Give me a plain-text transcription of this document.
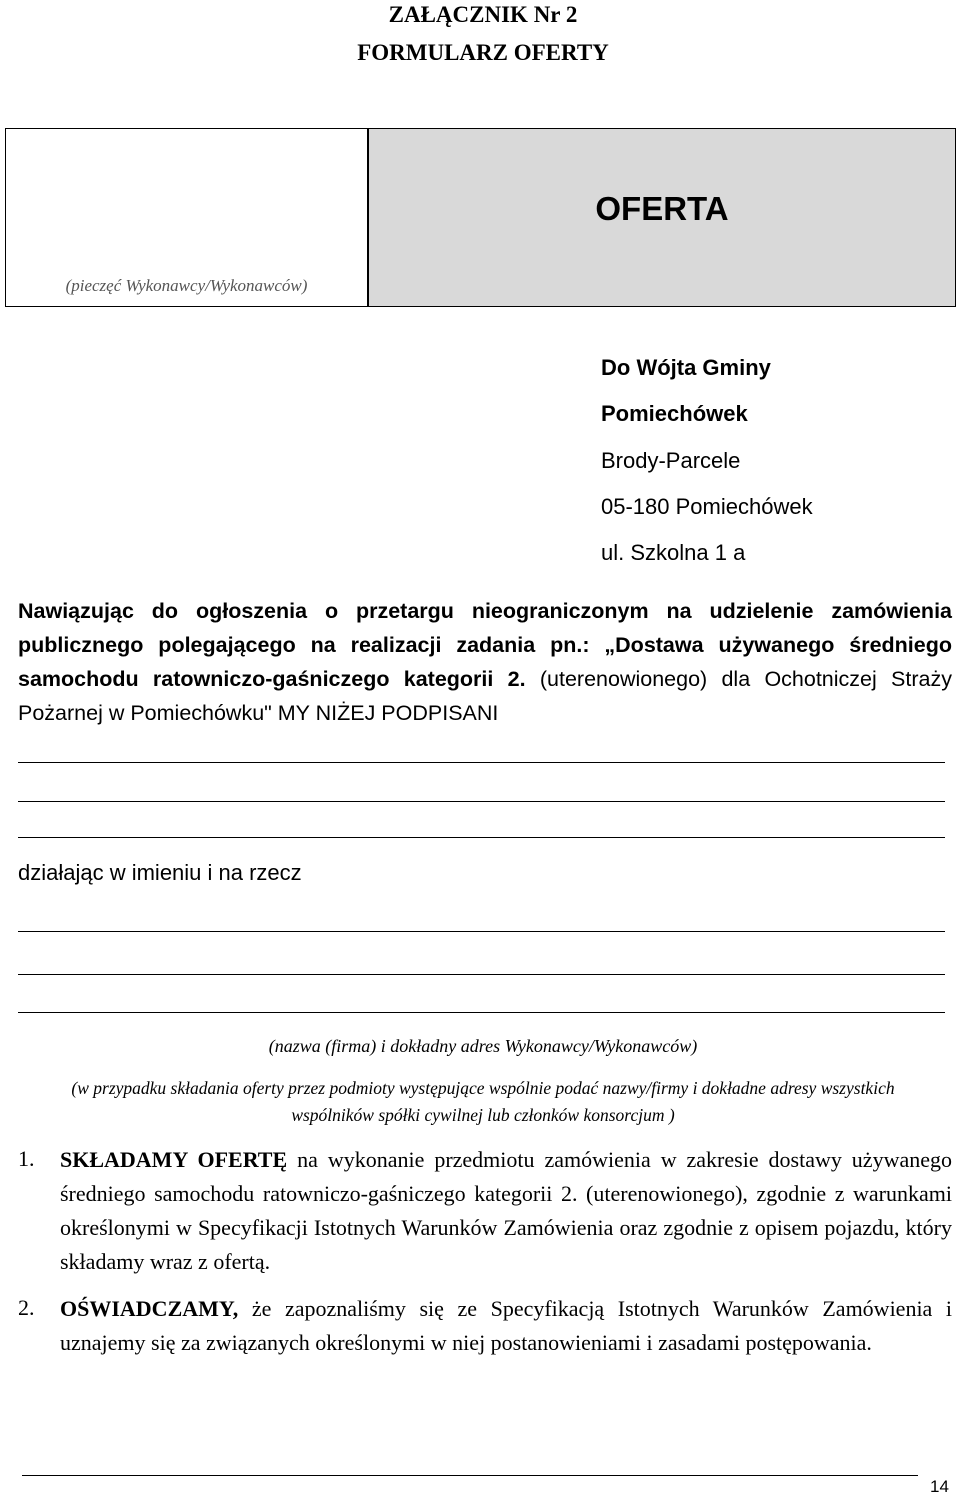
ZAŁĄCZNIK Nr 2
FORMULARZ OFERTY
(pieczęć Wykonawcy/Wykonawców)
OFERTA
Do Wójta Gminy
Pomiechówek
Brody-Parcele
05-180 Pomiechówek
ul. Szkolna 1 a
Nawiązując do ogłoszenia o przetargu nieograniczonym na udzielenie zamówienia publicznego polegającego na realizacji zadania pn.: „Dostawa używanego średniego samochodu ratowniczo-gaśniczego kategorii 2. (uterenowionego) dla Ochotniczej Straży Pożarnej w Pomiechówku" MY NIŻEJ PODPISANI
działając w imieniu i na rzecz
(nazwa (firma) i dokładny adres Wykonawcy/Wykonawców)
(w przypadku składania oferty przez podmioty występujące wspólnie podać nazwy/firmy i dokładne adresy wszystkich wspólników spółki cywilnej lub członków konsorcjum )
1. SKŁADAMY OFERTĘ na wykonanie przedmiotu zamówienia w zakresie dostawy używanego średniego samochodu ratowniczo-gaśniczego kategorii 2. (uterenowionego), zgodnie z warunkami określonymi w Specyfikacji Istotnych Warunków Zamówienia oraz zgodnie z opisem pojazdu, który składamy wraz z ofertą.
2. OŚWIADCZAMY, że zapoznaliśmy się ze Specyfikacją Istotnych Warunków Zamówienia i uznajemy się za związanych określonymi w niej postanowieniami i zasadami postępowania.
14
